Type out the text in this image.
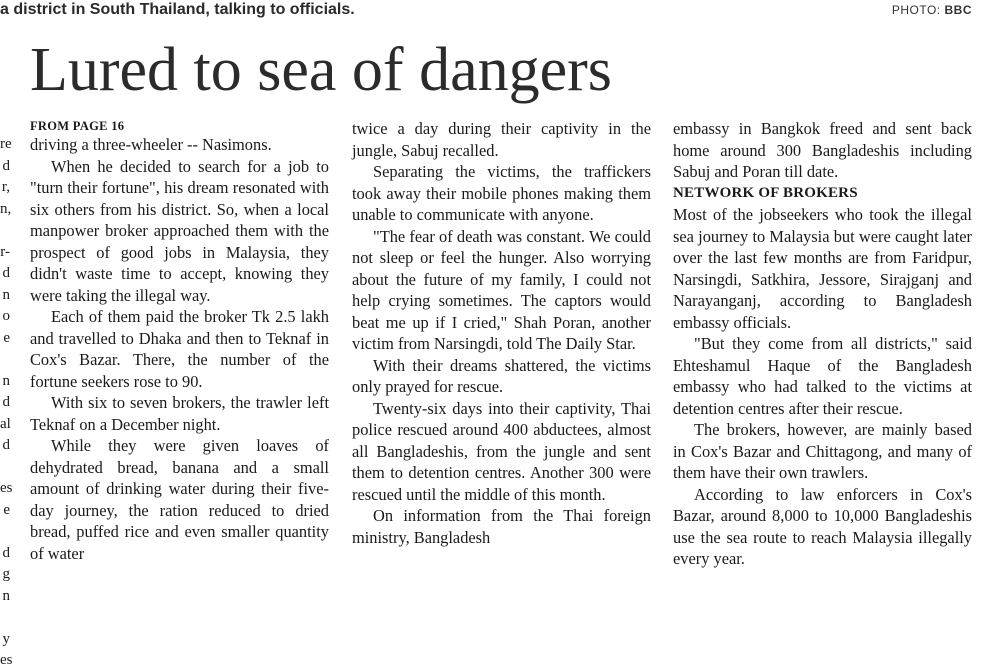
a district in South Thailand, talking to officials.	PHOTO: BBC
Lured to sea of dangers
re
d
r,
n,
r-
d
n
o
e
n
d
al
d
es
e
d
g
n
y
es
FROM PAGE 16

driving a three-wheeler -- Nasimons.

When he decided to search for a job to "turn their fortune", his dream resonated with six others from his district. So, when a local manpower broker approached them with the prospect of good jobs in Malaysia, they didn't waste time to accept, knowing they were taking the illegal way.

Each of them paid the broker Tk 2.5 lakh and travelled to Dhaka and then to Teknaf in Cox's Bazar. There, the number of the fortune seekers rose to 90.

With six to seven brokers, the trawler left Teknaf on a December night.

While they were given loaves of dehydrated bread, banana and a small amount of drinking water during their five-day journey, the ration reduced to dried bread, puffed rice and even smaller quantity of water

twice a day during their captivity in the jungle, Sabuj recalled.

Separating the victims, the traffickers took away their mobile phones making them unable to communicate with anyone.

"The fear of death was constant. We could not sleep or feel the hunger. Also worrying about the future of my family, I could not help crying sometimes. The captors would beat me up if I cried," Shah Poran, another victim from Narsingdi, told The Daily Star.

With their dreams shattered, the victims only prayed for rescue.

Twenty-six days into their captivity, Thai police rescued around 400 abductees, almost all Bangladeshis, from the jungle and sent them to detention centres. Another 300 were rescued until the middle of this month.

On information from the Thai foreign ministry, Bangladesh

embassy in Bangkok freed and sent back home around 300 Bangladeshis including Sabuj and Poran till date.

NETWORK OF BROKERS

Most of the jobseekers who took the illegal sea journey to Malaysia but were caught later over the last few months are from Faridpur, Narsingdi, Satkhira, Jessore, Sirajganj and Narayanganj, according to Bangladesh embassy officials.

"But they come from all districts," said Ehteshamul Haque of the Bangladesh embassy who had talked to the victims at detention centres after their rescue.

The brokers, however, are mainly based in Cox's Bazar and Chittagong, and many of them have their own trawlers.

According to law enforcers in Cox's Bazar, around 8,000 to 10,000 Bangladeshis use the sea route to reach Malaysia illegally every year.
